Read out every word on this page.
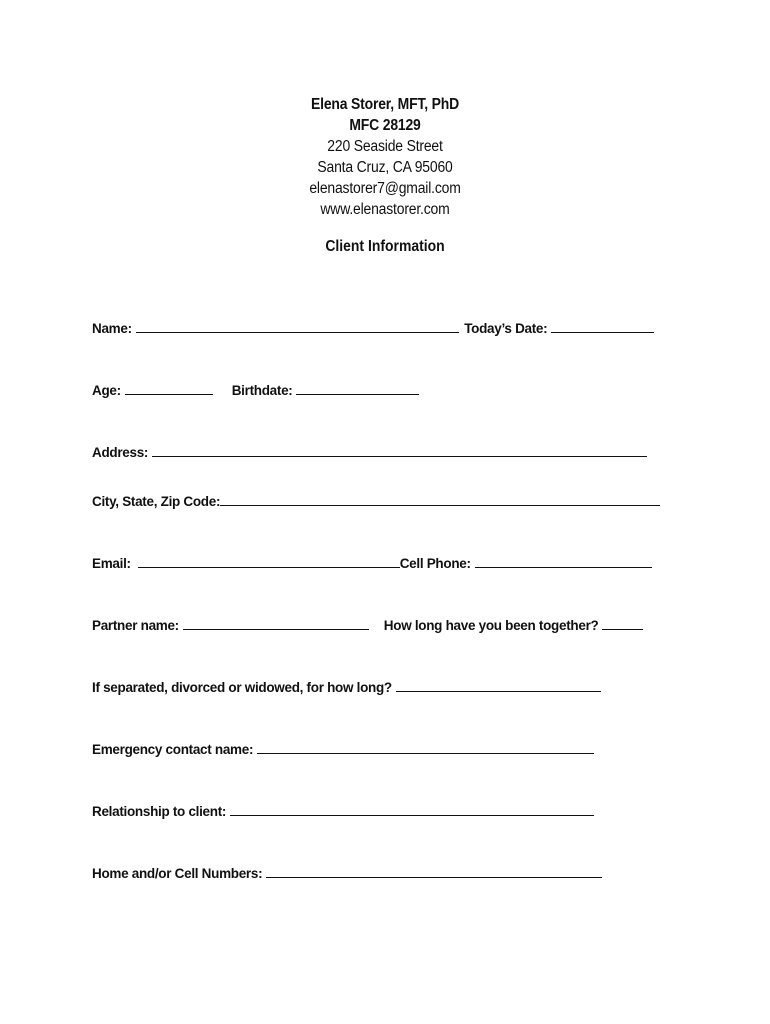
Elena Storer, MFT, PhD
MFC 28129
220 Seaside Street
Santa Cruz, CA 95060
elenastorer7@gmail.com
www.elenastorer.com
Client Information
Name:	Today’s Date:
Age:	Birthdate:
Address:
City, State, Zip Code:
Email:	Cell Phone:
Partner name:	How long have you been together?
If separated, divorced or widowed, for how long?
Emergency contact name:
Relationship to client:
Home and/or Cell Numbers:
